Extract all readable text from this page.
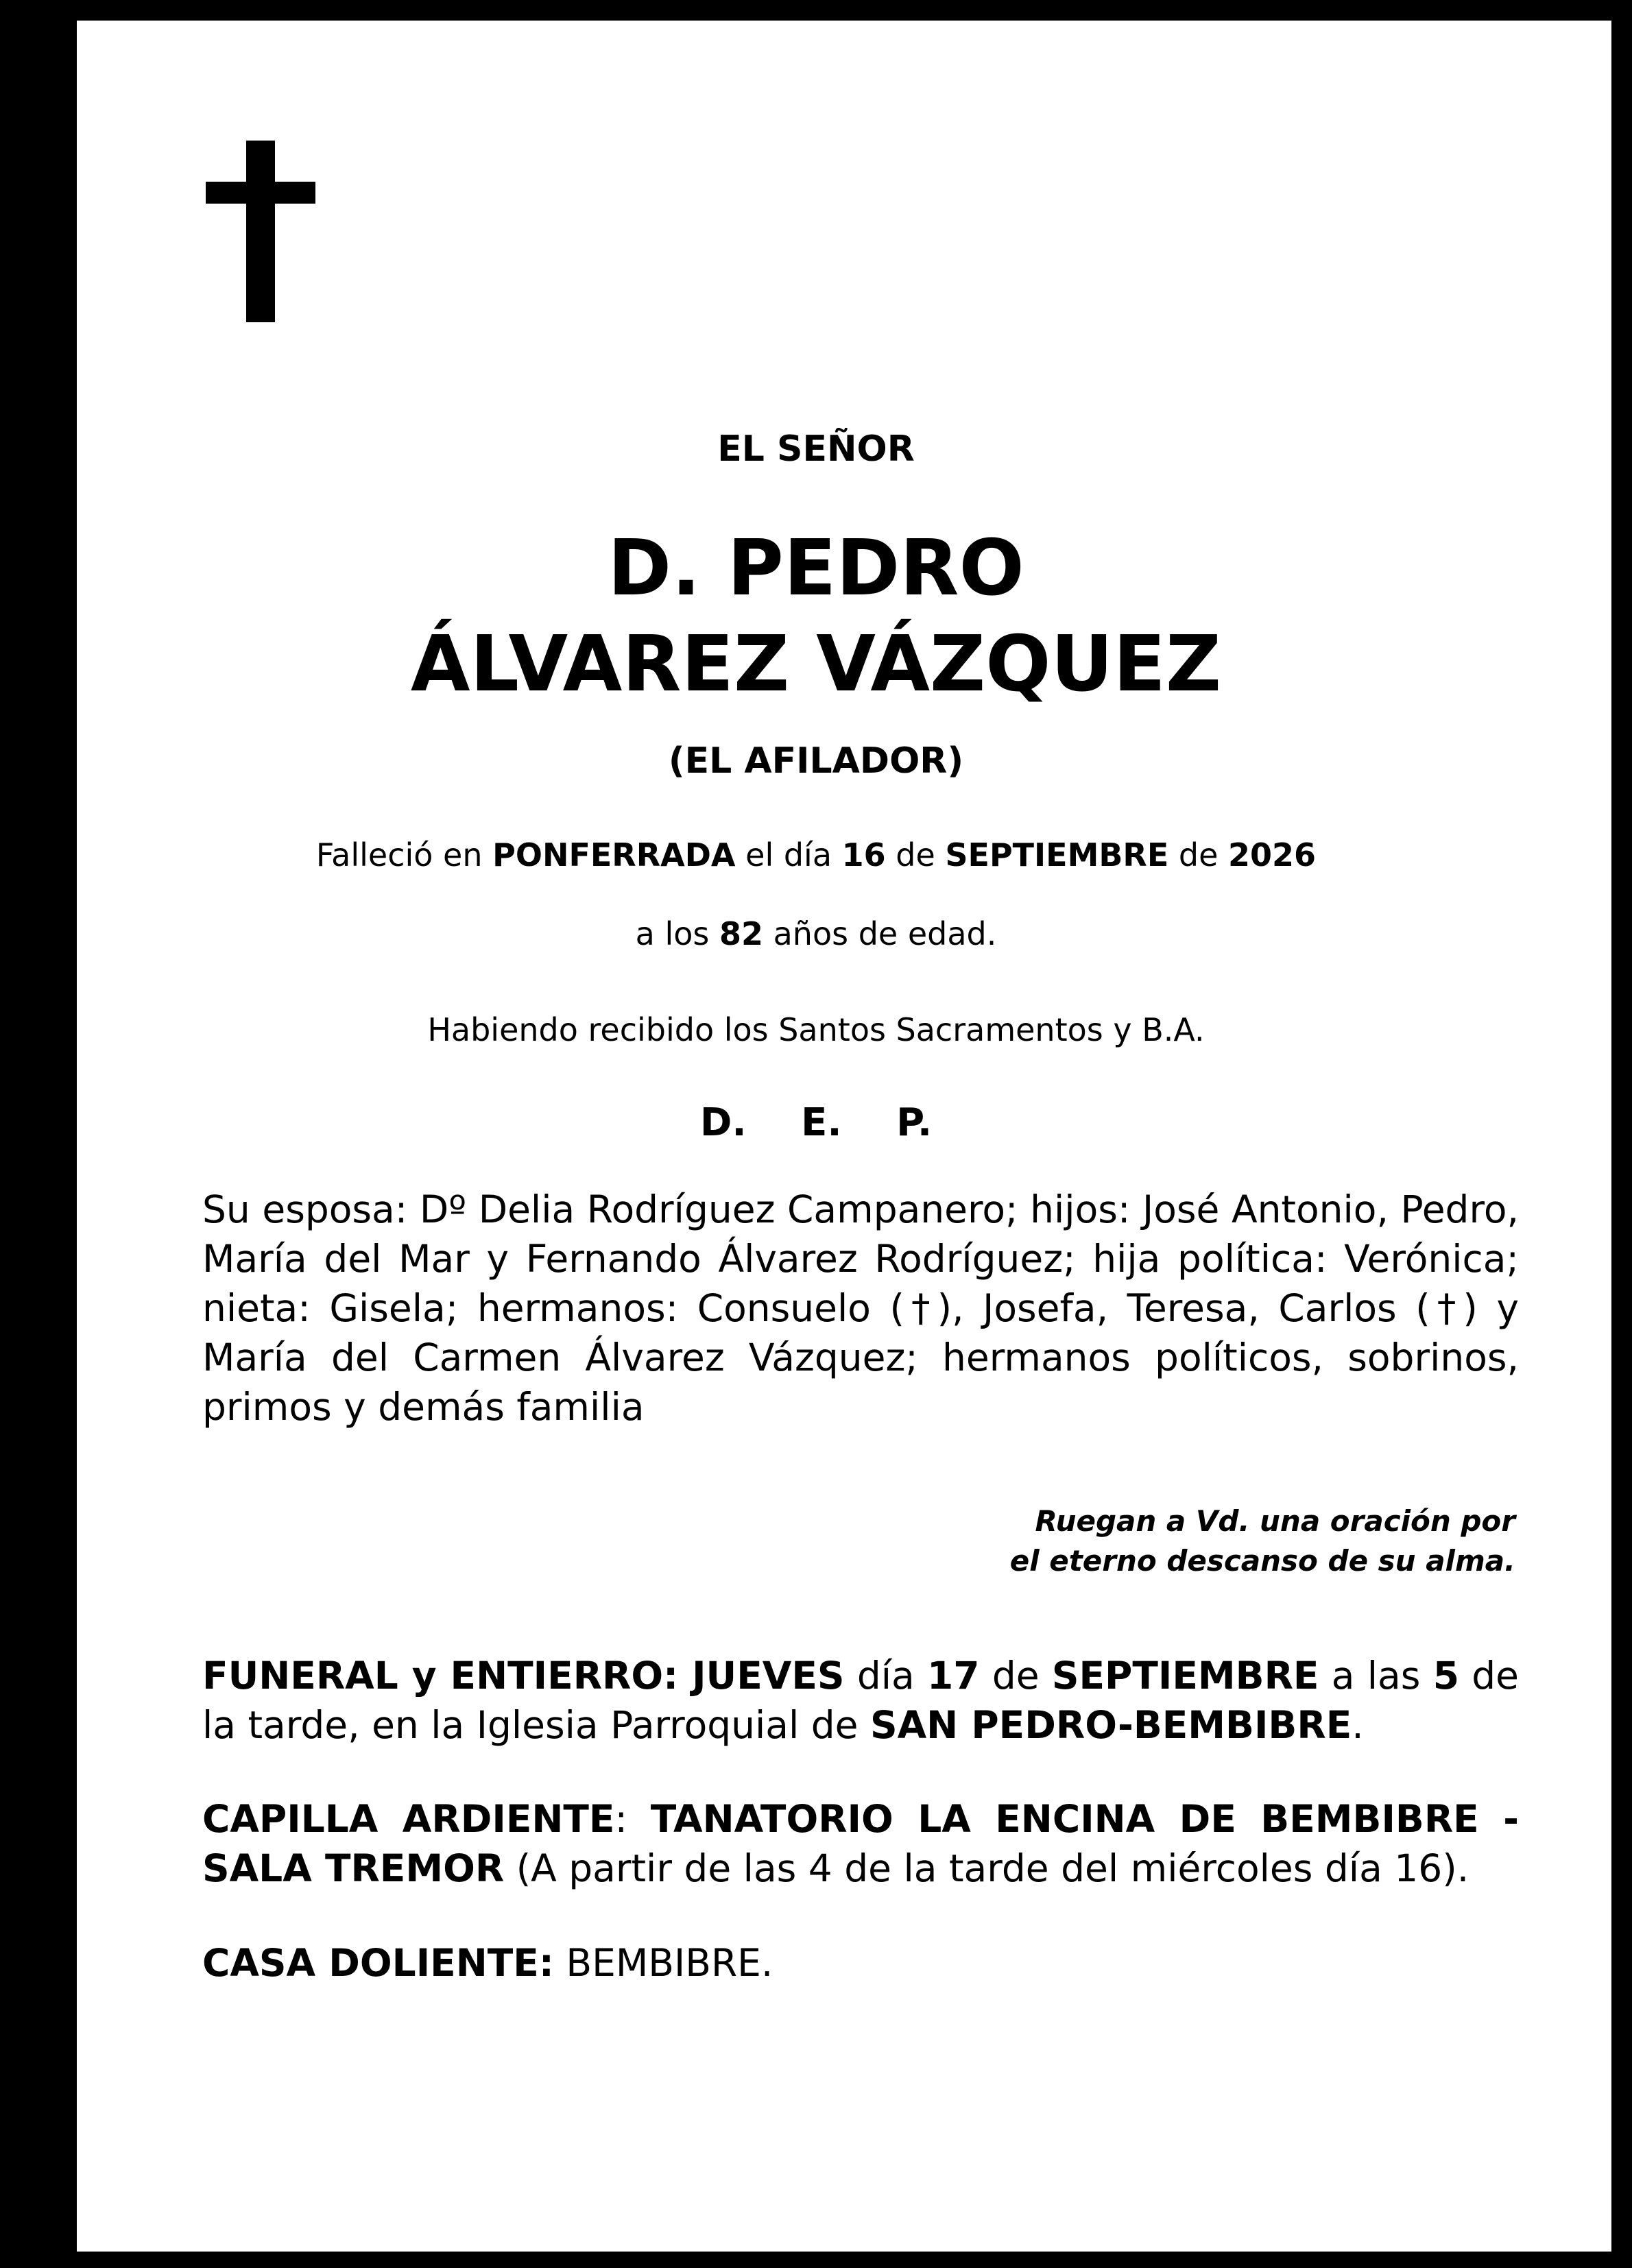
EL SEÑOR
D. PEDRO
ÁLVAREZ VÁZQUEZ
(EL AFILADOR)
Falleció en PONFERRADA el día 16 de SEPTIEMBRE de 2026
a los 82 años de edad.
Habiendo recibido los Santos Sacramentos y B.A.
D. E. P.
Su esposa: Dº Delia Rodríguez Campanero; hijos: José Antonio, Pedro, María del Mar y Fernando Álvarez Rodríguez; hija política: Verónica; nieta: Gisela; hermanos: Consuelo (†), Josefa, Teresa, Carlos (†) y María del Carmen Álvarez Vázquez; hermanos políticos, sobrinos, primos y demás familia
Ruegan a Vd. una oración por
el eterno descanso de su alma.
FUNERAL y ENTIERRO: JUEVES día 17 de SEPTIEMBRE a las 5 de la tarde, en la Iglesia Parroquial de SAN PEDRO-BEMBIBRE.
CAPILLA ARDIENTE: TANATORIO LA ENCINA DE BEMBIBRE - SALA TREMOR (A partir de las 4 de la tarde del miércoles día 16).
CASA DOLIENTE: BEMBIBRE.
